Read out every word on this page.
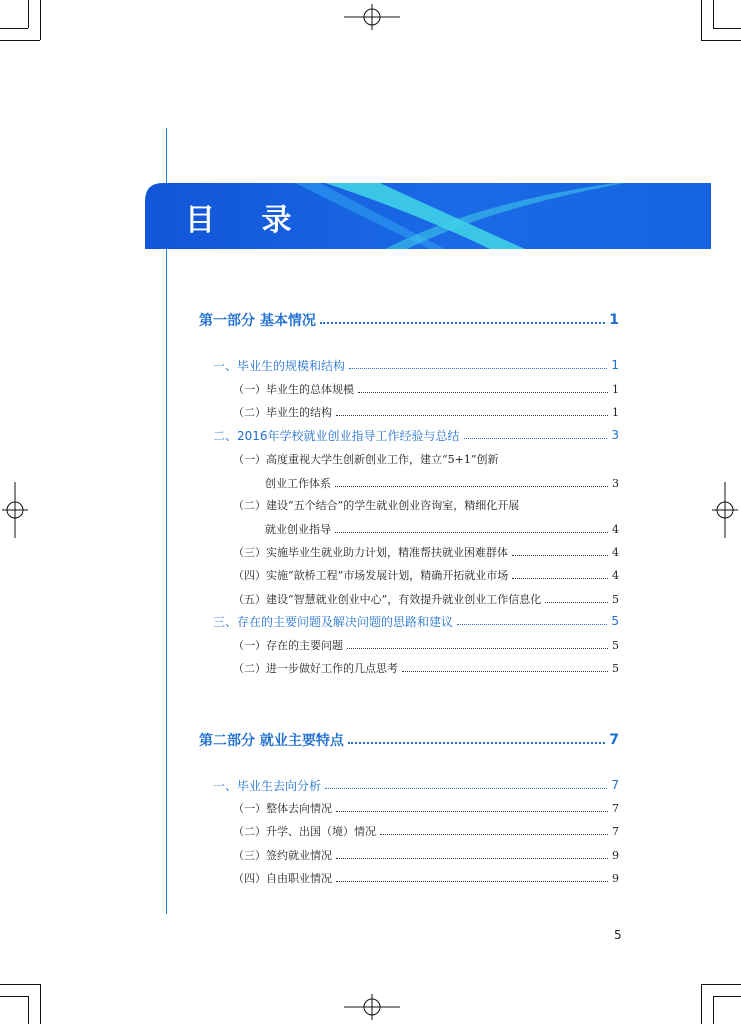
目 录
第一部分 基本情况	1
一、毕业生的规模和结构	1
（一）毕业生的总体规模	1
（二）毕业生的结构	1
二、2016年学校就业创业指导工作经验与总结	3
（一）高度重视大学生创新创业工作，建立“5+1”创新
创业工作体系	3
（二）建设“五个结合”的学生就业创业咨询室，精细化开展
就业创业指导	4
（三）实施毕业生就业助力计划，精准帮扶就业困难群体	4
（四）实施“歆桥工程”市场发展计划，精确开拓就业市场	4
（五）建设“智慧就业创业中心”，有效提升就业创业工作信息化	5
三、存在的主要问题及解决问题的思路和建议	5
（一）存在的主要问题	5
（二）进一步做好工作的几点思考	5
第二部分 就业主要特点	7
一、毕业生去向分析	7
（一）整体去向情况	7
（二）升学、出国（境）情况	7
（三）签约就业情况	9
（四）自由职业情况	9
5
